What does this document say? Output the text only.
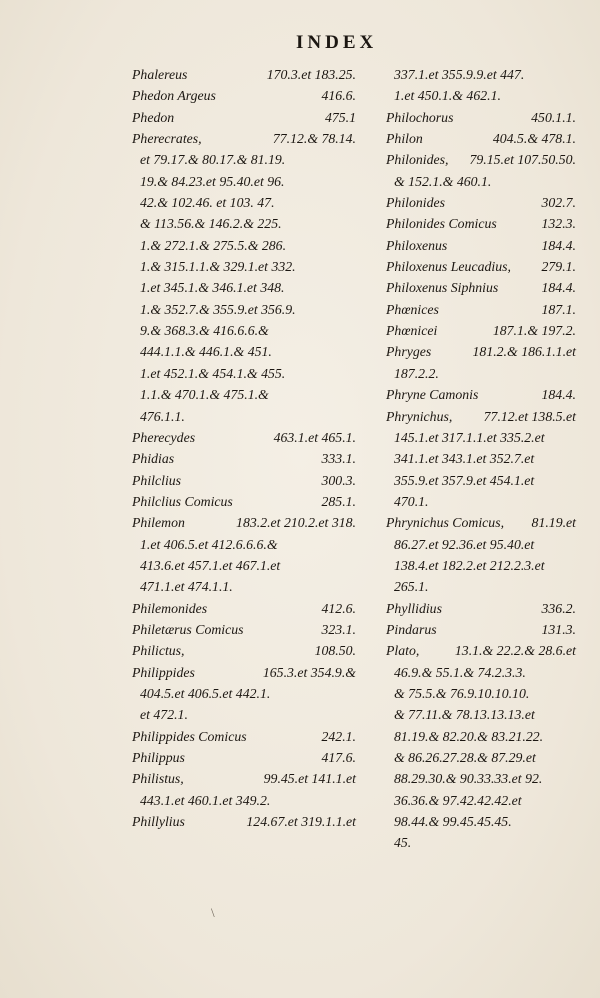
INDEX
Phalereus	170.3.et 183.25.
Phedon Argeus	416.6.
Phedon	475.1
Pherecrates,	77.12.& 78.14.
et 79.17.& 80.17.& 81.19.
19.& 84.23.et 95.40.et 96.
42.& 102.46. et 103. 47.
& 113.56.& 146.2.& 225.
1.& 272.1.& 275.5.& 286.
1.& 315.1.1.& 329.1.et 332.
1.et 345.1.& 346.1.et 348.
1.& 352.7.& 355.9.et 356.9.
9.& 368.3.& 416.6.6.&
444.1.1.& 446.1.& 451.
1.et 452.1.& 454.1.& 455.
1.1.& 470.1.& 475.1.&
476.1.1.
Pherecydes	463.1.et 465.1.
Phidias	333.1.
Philclius	300.3.
Philclius Comicus	285.1.
Philemon	183.2.et 210.2.et 318.
1.et 406.5.et 412.6.6.6.&
413.6.et 457.1.et 467.1.et
471.1.et 474.1.1.
Philemonides	412.6.
Philetærus Comicus	323.1.
Philictus,	108.50.
Philippides	165.3.et 354.9.&
404.5.et 406.5.et 442.1.
et 472.1.
Philippides Comicus	242.1.
Philippus	417.6.
Philistus,	99.45.et 141.1.et
443.1.et 460.1.et 349.2.
Phillylius	124.67.et 319.1.1.et
337.1.et 355.9.9.et 447.
1.et 450.1.& 462.1.
Philochorus	450.1.1.
Philon	404.5.& 478.1.
Philonides, 79.15.et 107.50.50.
& 152.1.& 460.1.
Philonides	302.7.
Philonides Comicus	132.3.
Philoxenus	184.4.
Philoxenus Leucadius, 279.1.
Philoxenus Siphnius	184.4.
Phœnices	187.1.
Phœnicei	187.1.& 197.2.
Phryges	181.2.& 186.1.1.et
187.2.2.
Phryne Camonis	184.4.
Phrynichus, 77.12.et 138.5.et
145.1.et 317.1.1.et 335.2.et
341.1.et 343.1.et 352.7.et
355.9.et 357.9.et 454.1.et
470.1.
Phrynichus Comicus, 81.19.et
86.27.et 92.36.et 95.40.et
138.4.et 182.2.et 212.2.3.et
265.1.
Phyllidius	336.2.
Pindarus	131.3.
Plato,	13.1.& 22.2.& 28.6.et
46.9.& 55.1.& 74.2.3.3.
& 75.5.& 76.9.10.10.10.
& 77.11.& 78.13.13.13.et
81.19.& 82.20.& 83.21.22.
& 86.26.27.28.& 87.29.et
88.29.30.& 90.33.33.et 92.
36.36.& 97.42.42.42.et
98.44.& 99.45.45.45.
45.
\
